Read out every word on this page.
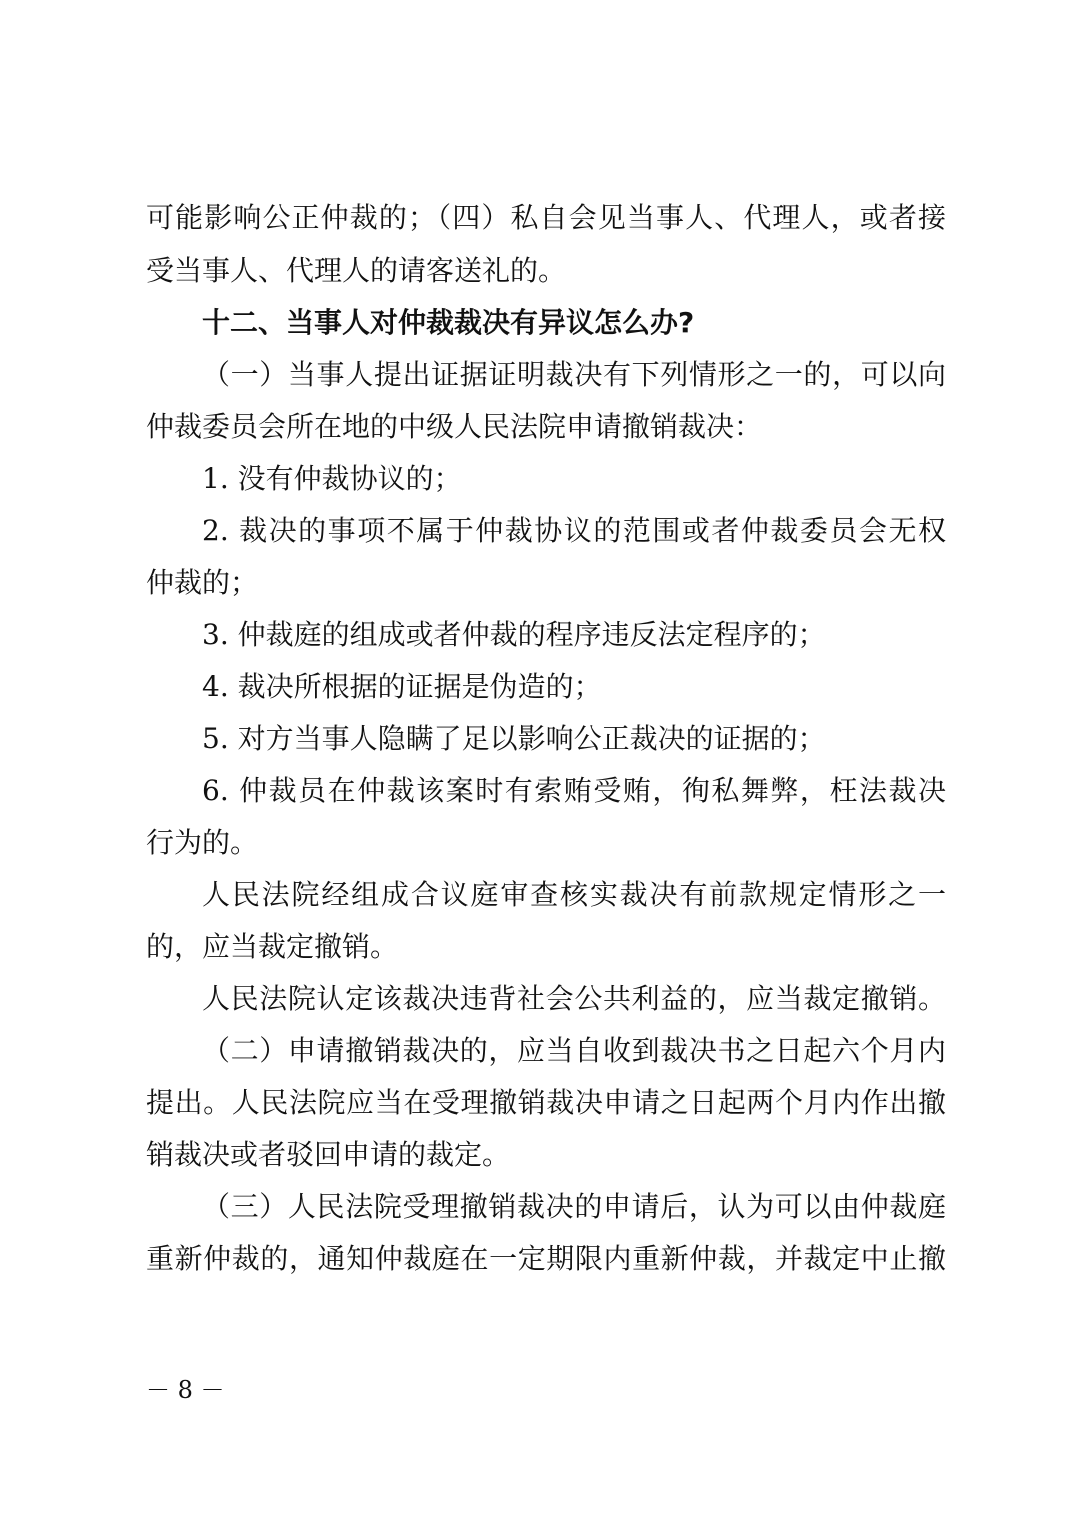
可能影响公正仲裁的；（四）私自会见当事人、代理人，或者接
受当事人、代理人的请客送礼的。
十二、当事人对仲裁裁决有异议怎么办?
（一）当事人提出证据证明裁决有下列情形之一的，可以向
仲裁委员会所在地的中级人民法院申请撤销裁决：
1. 没有仲裁协议的；
2. 裁决的事项不属于仲裁协议的范围或者仲裁委员会无权
仲裁的；
3. 仲裁庭的组成或者仲裁的程序违反法定程序的；
4. 裁决所根据的证据是伪造的；
5. 对方当事人隐瞒了足以影响公正裁决的证据的；
6. 仲裁员在仲裁该案时有索贿受贿，徇私舞弊，枉法裁决
行为的。
人民法院经组成合议庭审查核实裁决有前款规定情形之一
的，应当裁定撤销。
人民法院认定该裁决违背社会公共利益的，应当裁定撤销。
（二）申请撤销裁决的，应当自收到裁决书之日起六个月内
提出。人民法院应当在受理撤销裁决申请之日起两个月内作出撤
销裁决或者驳回申请的裁定。
（三）人民法院受理撤销裁决的申请后，认为可以由仲裁庭
重新仲裁的，通知仲裁庭在一定期限内重新仲裁，并裁定中止撤
－ 8 －
